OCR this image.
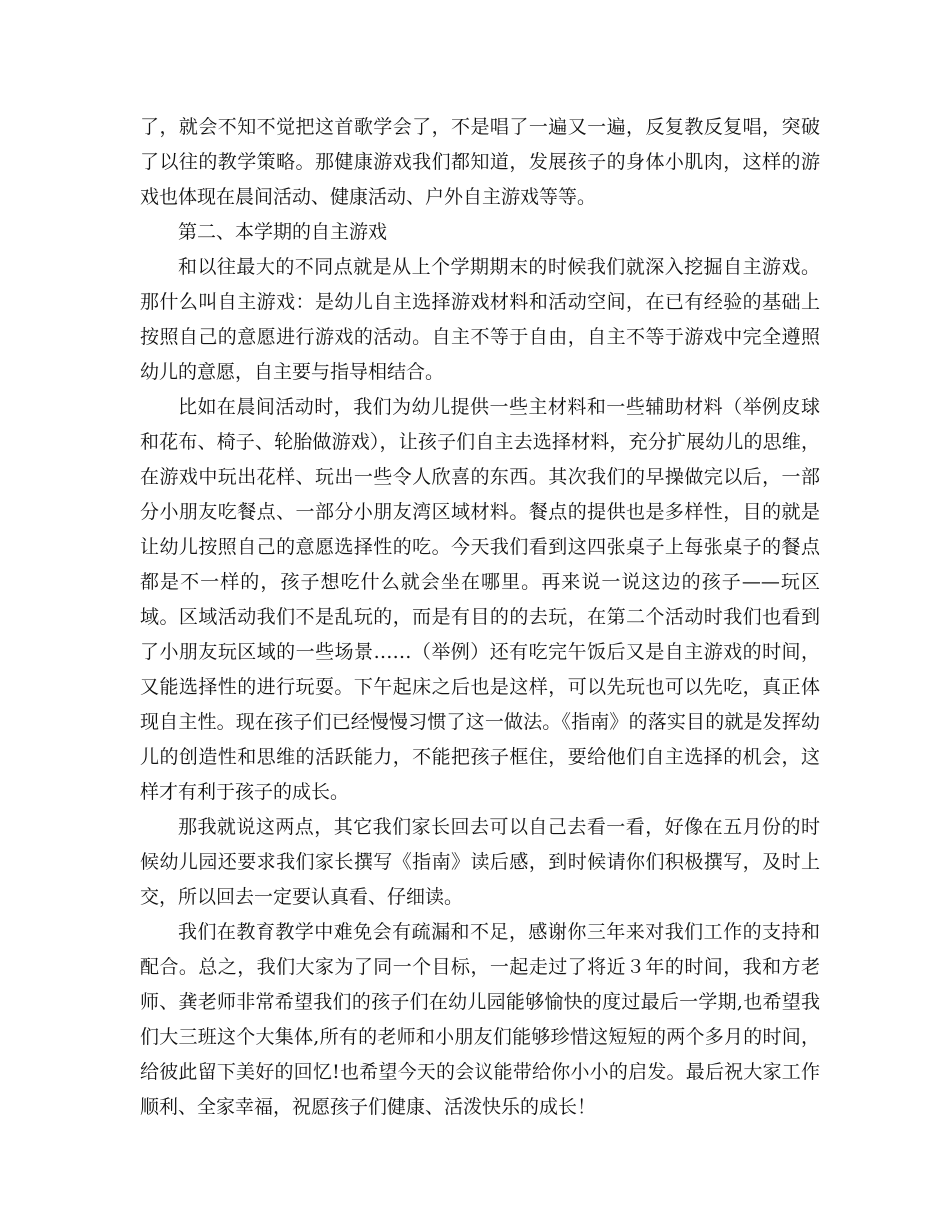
了，就会不知不觉把这首歌学会了，不是唱了一遍又一遍，反复教反复唱，突破了以往的教学策略。那健康游戏我们都知道，发展孩子的身体小肌肉，这样的游戏也体现在晨间活动、健康活动、户外自主游戏等等。

第二、本学期的自主游戏

和以往最大的不同点就是从上个学期期末的时候我们就深入挖掘自主游戏。那什么叫自主游戏：是幼儿自主选择游戏材料和活动空间，在已有经验的基础上按照自己的意愿进行游戏的活动。自主不等于自由，自主不等于游戏中完全遵照幼儿的意愿，自主要与指导相结合。

比如在晨间活动时，我们为幼儿提供一些主材料和一些辅助材料（举例皮球和花布、椅子、轮胎做游戏），让孩子们自主去选择材料，充分扩展幼儿的思维，在游戏中玩出花样、玩出一些令人欣喜的东西。其次我们的早操做完以后，一部分小朋友吃餐点、一部分小朋友湾区域材料。餐点的提供也是多样性，目的就是让幼儿按照自己的意愿选择性的吃。今天我们看到这四张桌子上每张桌子的餐点都是不一样的，孩子想吃什么就会坐在哪里。再来说一说这边的孩子——玩区域。区域活动我们不是乱玩的，而是有目的的去玩，在第二个活动时我们也看到了小朋友玩区域的一些场景……（举例）还有吃完午饭后又是自主游戏的时间，又能选择性的进行玩耍。下午起床之后也是这样，可以先玩也可以先吃，真正体现自主性。现在孩子们已经慢慢习惯了这一做法。《指南》的落实目的就是发挥幼儿的创造性和思维的活跃能力，不能把孩子框住，要给他们自主选择的机会，这样才有利于孩子的成长。

那我就说这两点，其它我们家长回去可以自己去看一看，好像在五月份的时候幼儿园还要求我们家长撰写《指南》读后感，到时候请你们积极撰写，及时上交，所以回去一定要认真看、仔细读。

我们在教育教学中难免会有疏漏和不足，感谢你三年来对我们工作的支持和配合。总之，我们大家为了同一个目标，一起走过了将近３年的时间，我和方老师、龚老师非常希望我们的孩子们在幼儿园能够愉快的度过最后一学期,也希望我们大三班这个大集体,所有的老师和小朋友们能够珍惜这短短的两个多月的时间，给彼此留下美好的回忆!也希望今天的会议能带给你小小的启发。最后祝大家工作顺利、全家幸福，祝愿孩子们健康、活泼快乐的成长！
